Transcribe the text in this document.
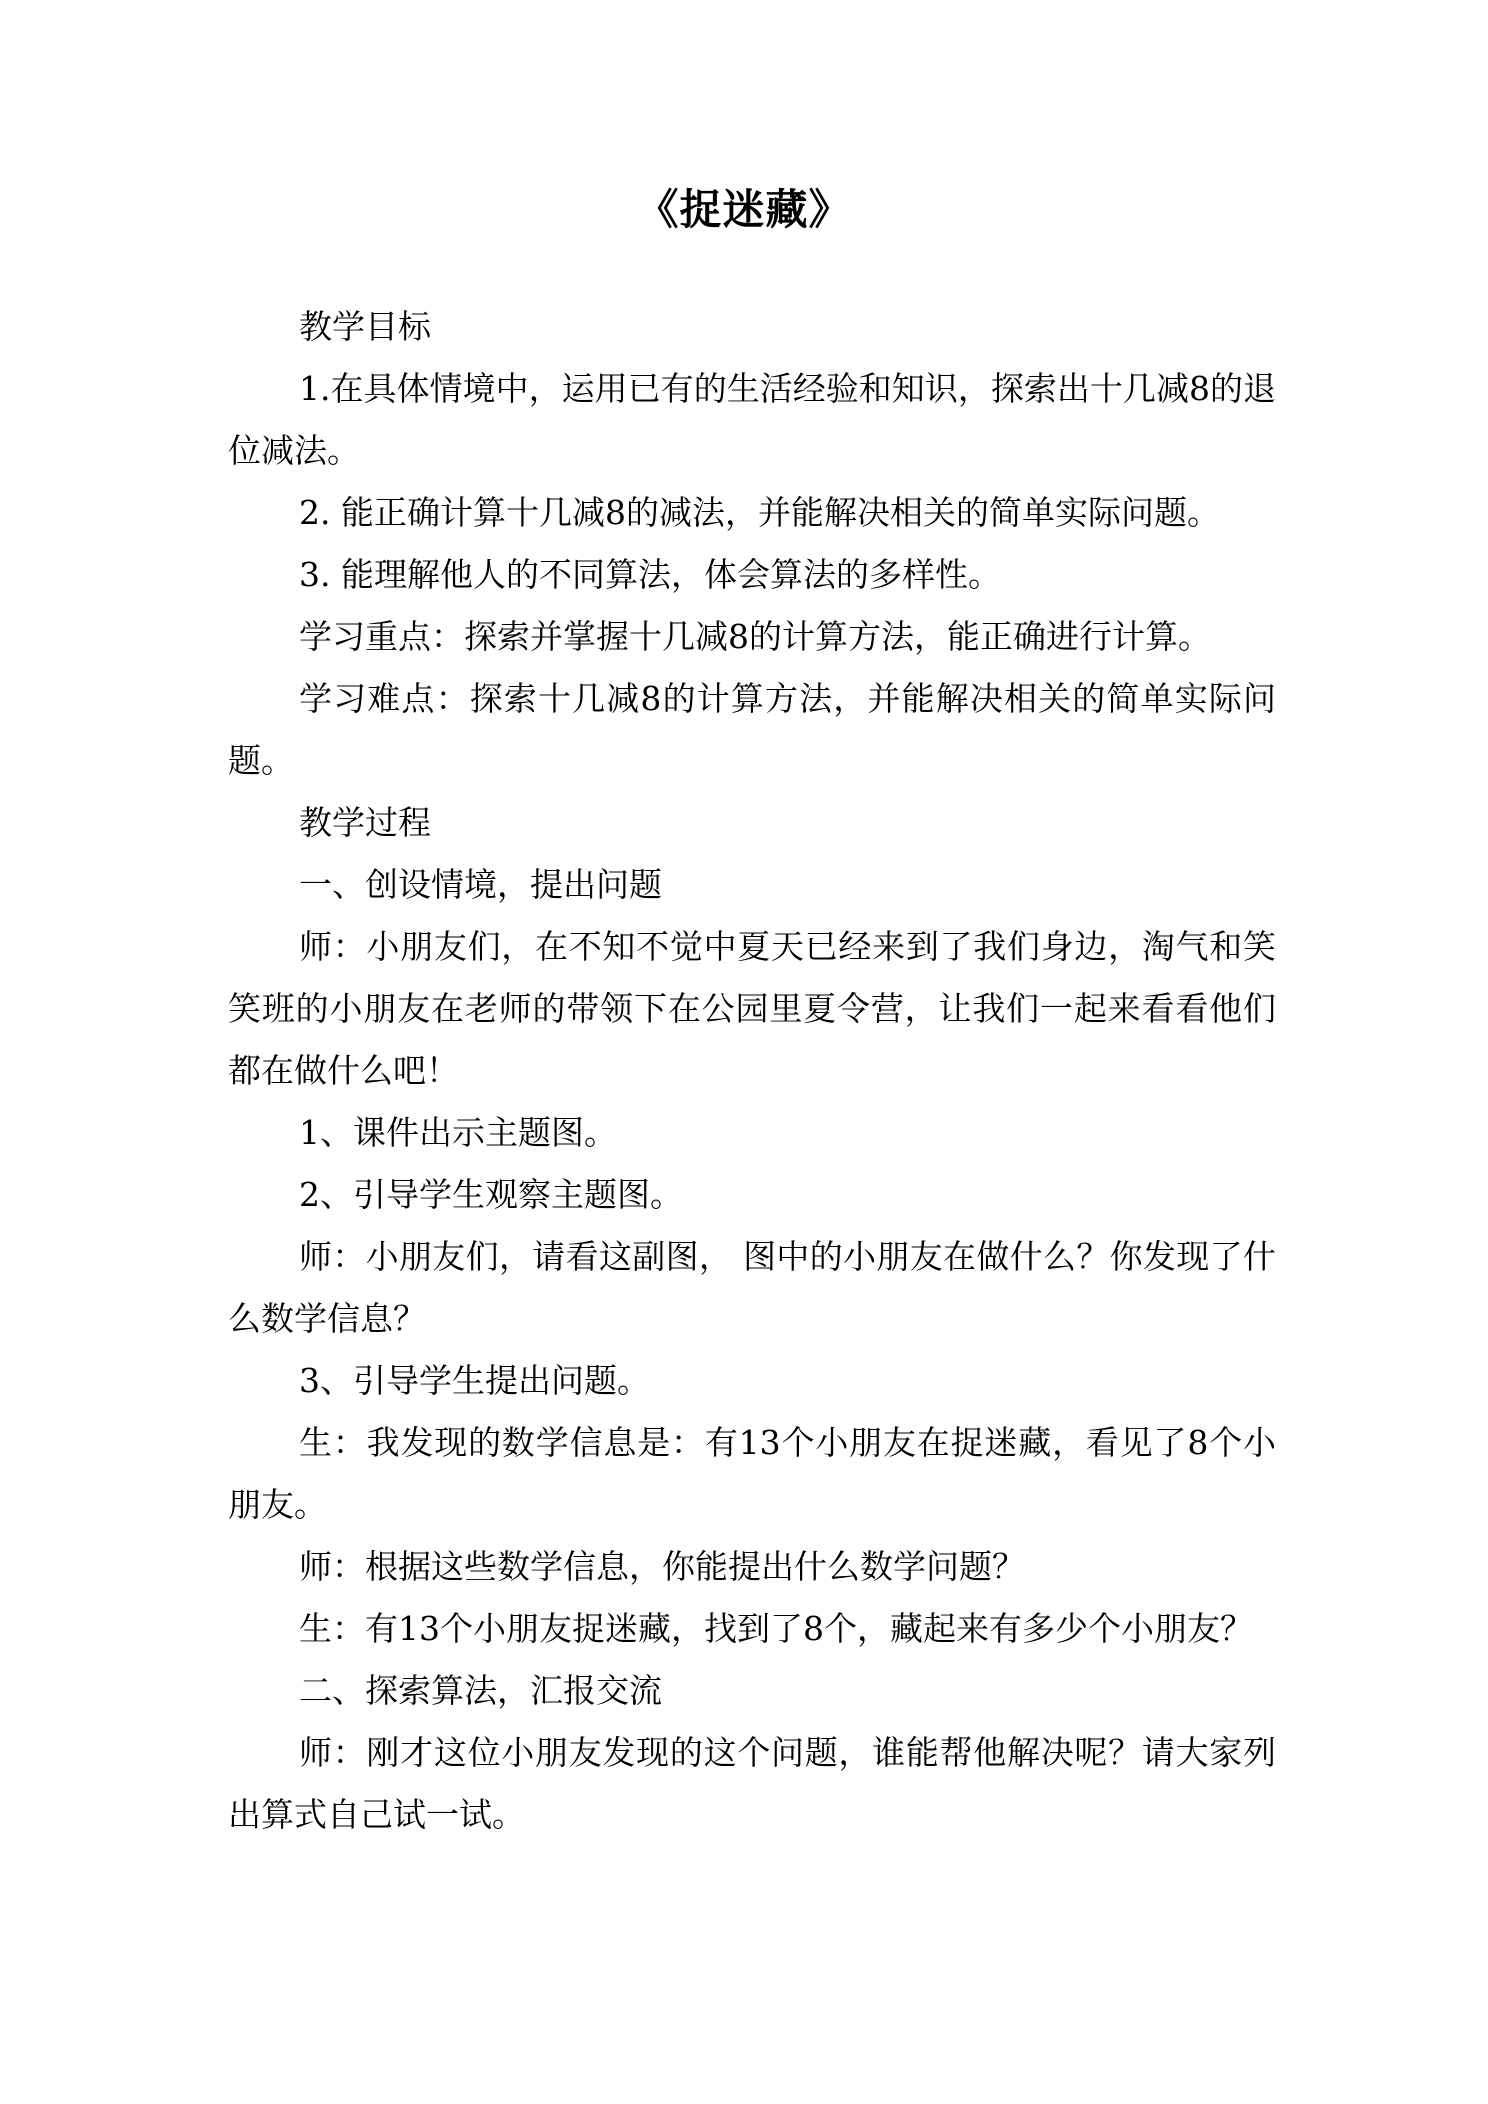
《捉迷藏》

教学目标

1.在具体情境中，运用已有的生活经验和知识，探索出十几减8的退位减法。

2. 能正确计算十几减8的减法，并能解决相关的简单实际问题。

3. 能理解他人的不同算法，体会算法的多样性。

学习重点：探索并掌握十几减8的计算方法，能正确进行计算。

学习难点：探索十几减8的计算方法，并能解决相关的简单实际问题。

教学过程

一、创设情境，提出问题

师：小朋友们，在不知不觉中夏天已经来到了我们身边，淘气和笑笑班的小朋友在老师的带领下在公园里夏令营，让我们一起来看看他们都在做什么吧！

1、课件出示主题图。

2、引导学生观察主题图。

师：小朋友们，请看这副图， 图中的小朋友在做什么？你发现了什么数学信息？

3、引导学生提出问题。

生：我发现的数学信息是：有13个小朋友在捉迷藏，看见了8个小朋友。

师：根据这些数学信息，你能提出什么数学问题？

生：有13个小朋友捉迷藏，找到了8个，藏起来有多少个小朋友？

二、探索算法，汇报交流

师：刚才这位小朋友发现的这个问题，谁能帮他解决呢？请大家列出算式自己试一试。
